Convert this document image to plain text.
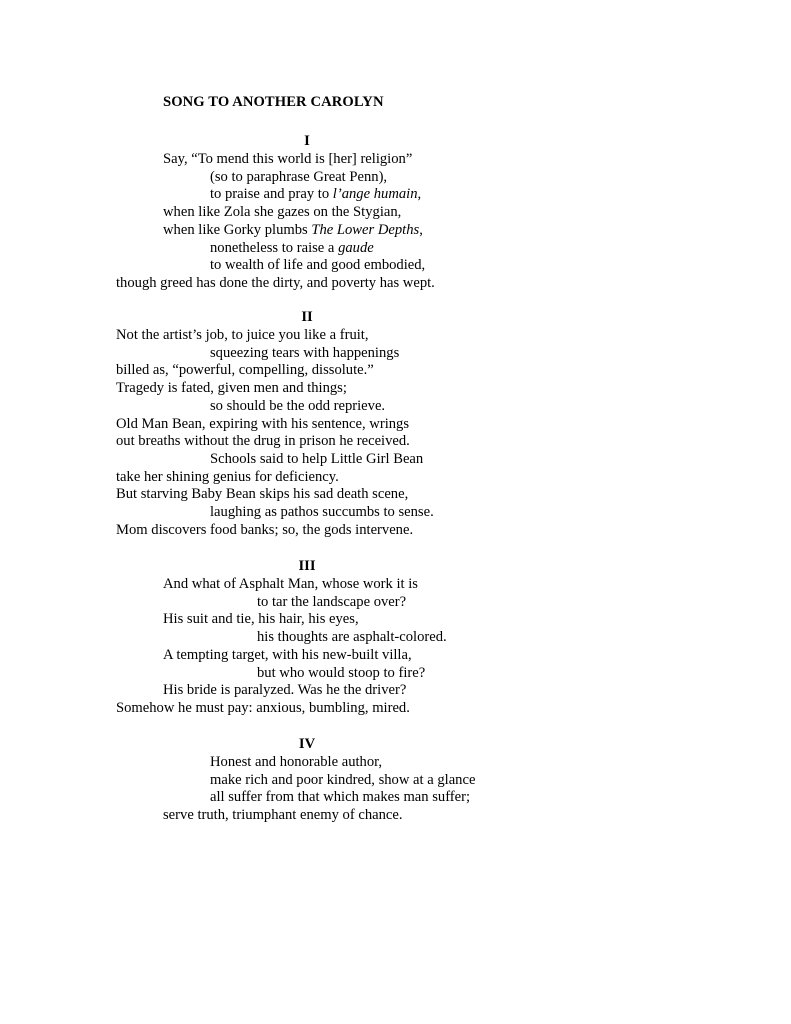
SONG TO ANOTHER CAROLYN

I
Say, “To mend this world is [her] religion”
(so to paraphrase Great Penn),
to praise and pray to l’ange humain,
when like Zola she gazes on the Stygian,
when like Gorky plumbs The Lower Depths,
nonetheless to raise a gaude
to wealth of life and good embodied,
though greed has done the dirty, and poverty has wept.
II
Not the artist’s job, to juice you like a fruit,
squeezing tears with happenings
billed as, “powerful, compelling, dissolute.”
Tragedy is fated, given men and things;
so should be the odd reprieve.
Old Man Bean, expiring with his sentence, wrings
out breaths without the drug in prison he received.
Schools said to help Little Girl Bean
take her shining genius for deficiency.
But starving Baby Bean skips his sad death scene,
laughing as pathos succumbs to sense.
Mom discovers food banks; so, the gods intervene.
III
And what of Asphalt Man, whose work it is
to tar the landscape over?
His suit and tie, his hair, his eyes,
his thoughts are asphalt-colored.
A tempting target, with his new-built villa,
but who would stoop to fire?
His bride is paralyzed. Was he the driver?
Somehow he must pay: anxious, bumbling, mired.
IV
Honest and honorable author,
make rich and poor kindred, show at a glance
all suffer from that which makes man suffer;
serve truth, triumphant enemy of chance.
